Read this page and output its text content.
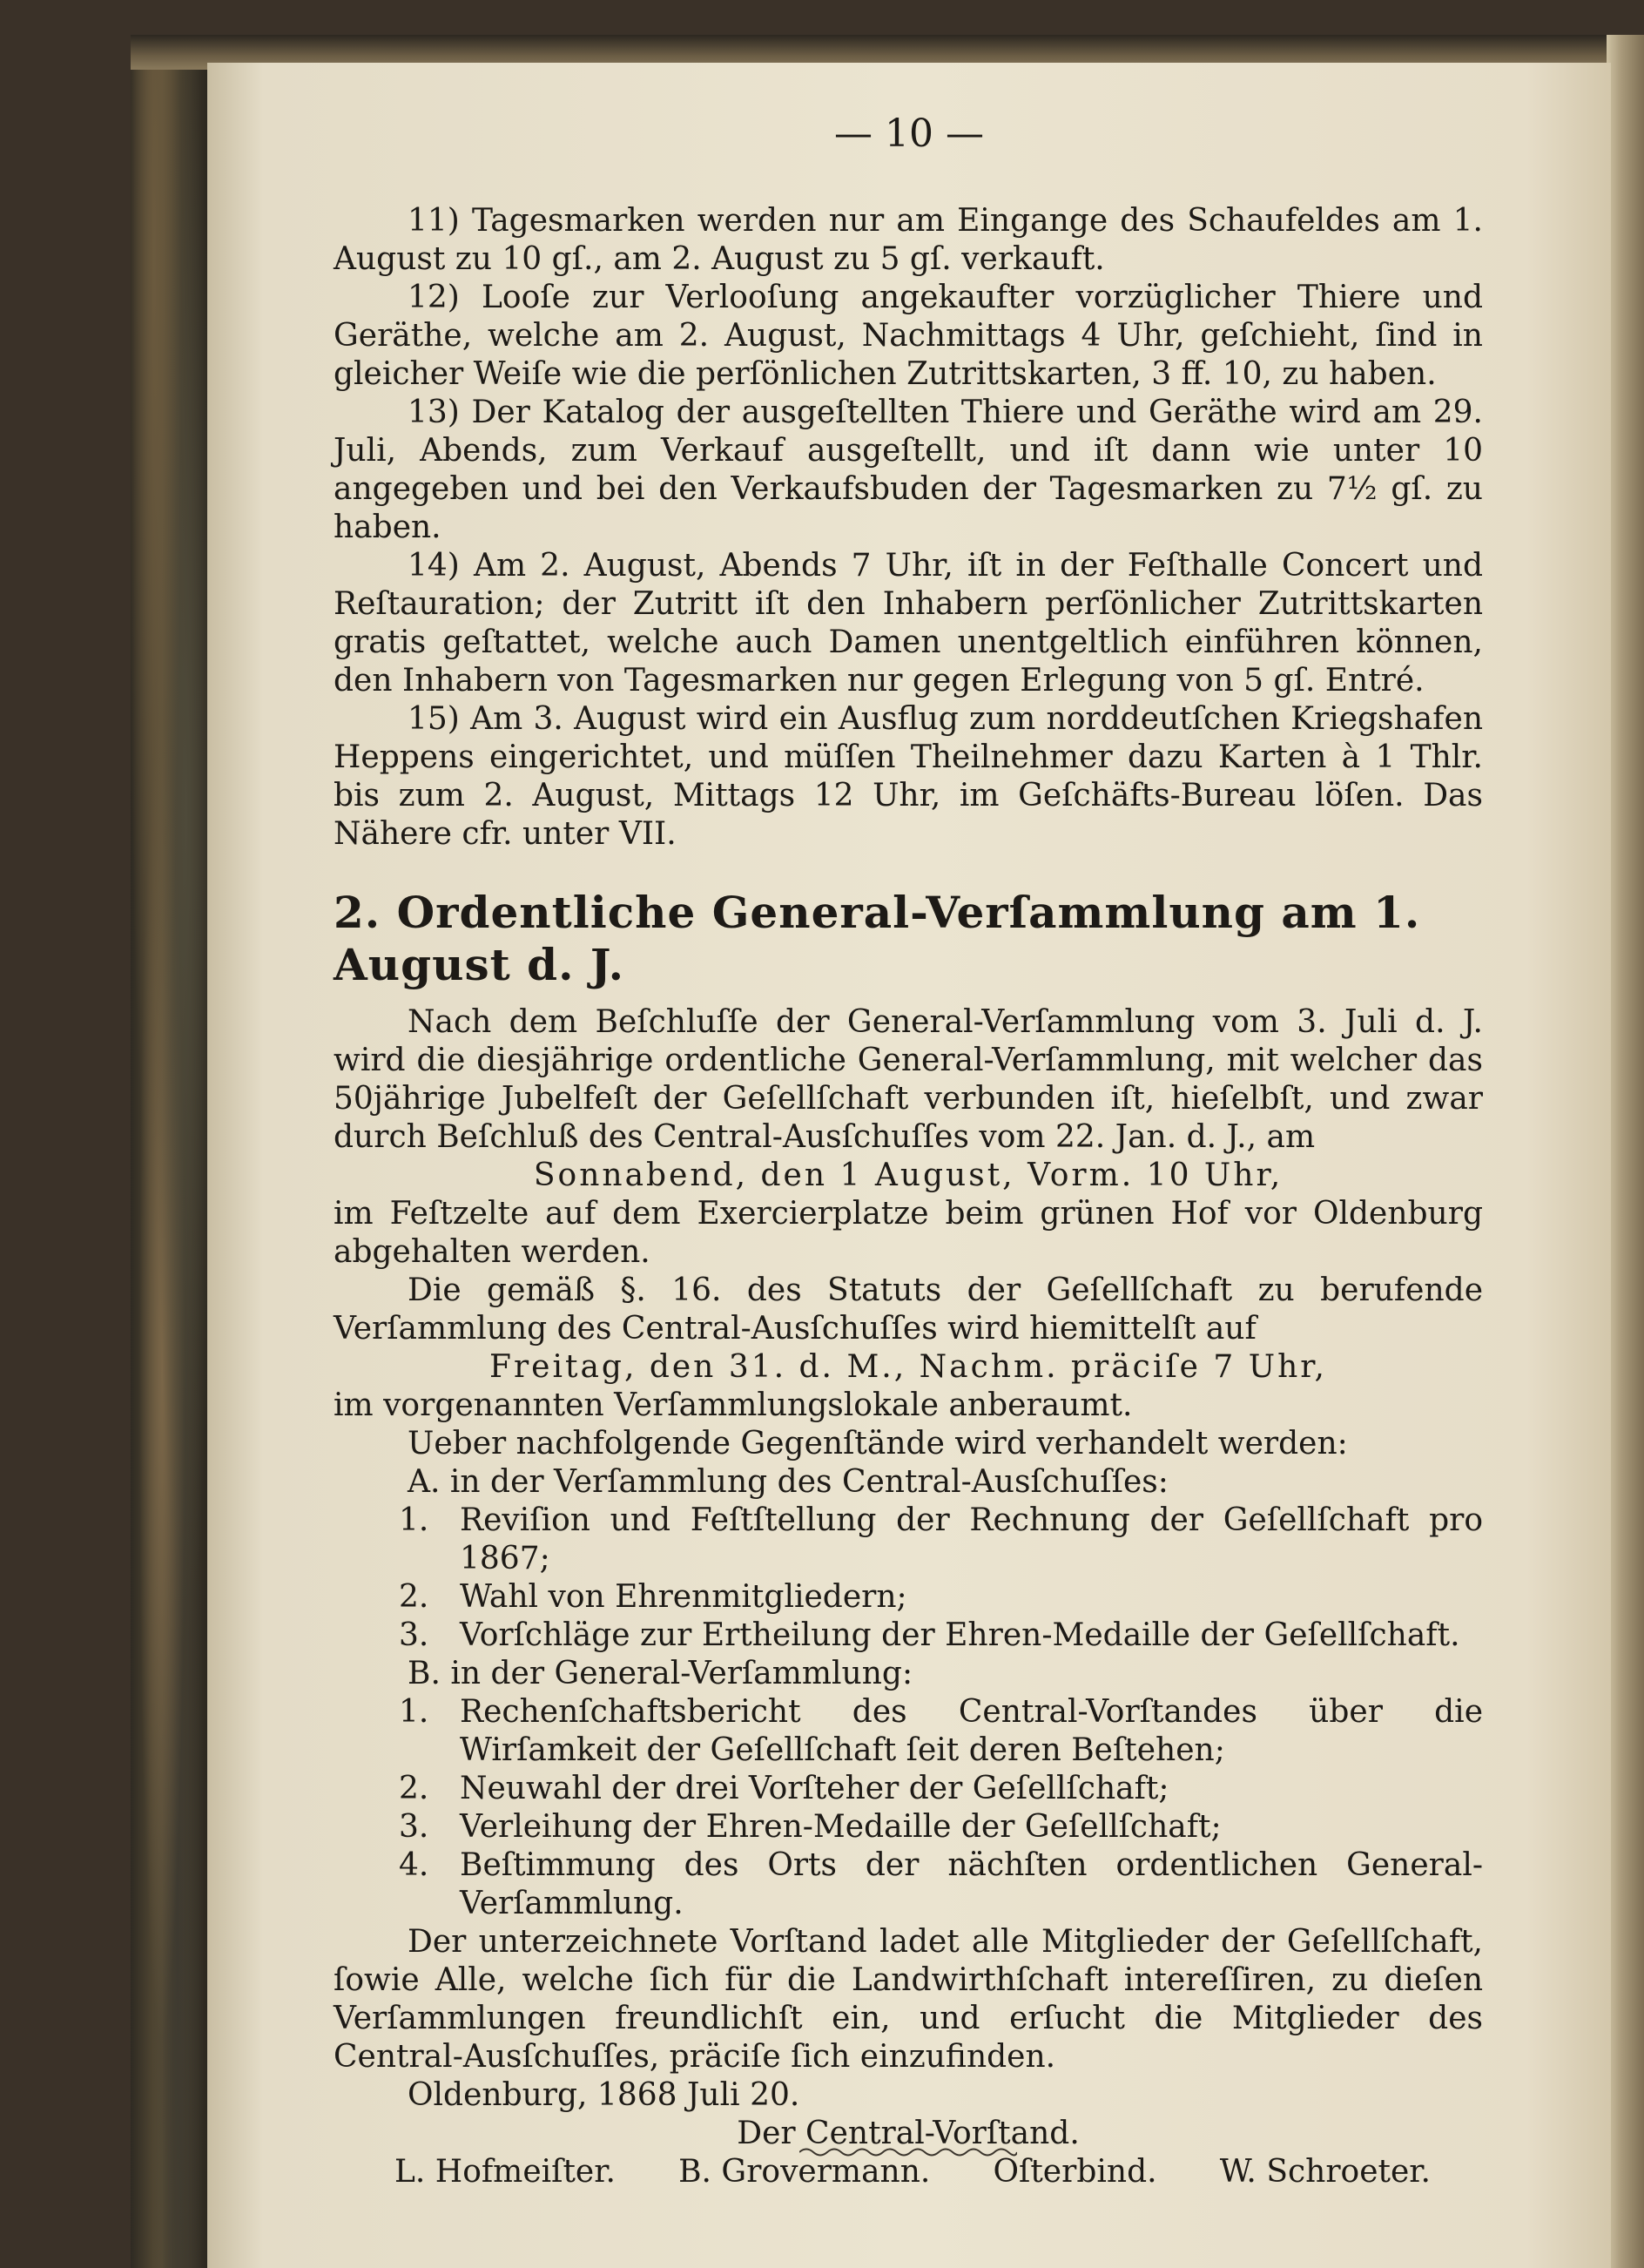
— 10 —

11) Tagesmarken werden nur am Eingange des Schaufeldes am 1. August zu 10 gſ., am 2. August zu 5 gſ. verkauft.

12) Looſe zur Verlooſung angekaufter vorzüglicher Thiere und Geräthe, welche am 2. August, Nachmittags 4 Uhr, geſchieht, ſind in gleicher Weiſe wie die perſönlichen Zutrittskarten, 3 ff. 10, zu haben.

13) Der Katalog der ausgeſtellten Thiere und Geräthe wird am 29. Juli, Abends, zum Verkauf ausgeſtellt, und iſt dann wie unter 10 angegeben und bei den Verkaufsbuden der Tagesmarken zu 7½ gſ. zu haben.

14) Am 2. August, Abends 7 Uhr, iſt in der Feſthalle Concert und Reſtauration; der Zutritt iſt den Inhabern perſönlicher Zutrittskarten gratis geſtattet, welche auch Damen unentgeltlich einführen können, den Inhabern von Tagesmarken nur gegen Erlegung von 5 gſ. Entré.

15) Am 3. August wird ein Ausflug zum norddeutſchen Kriegshafen Heppens eingerichtet, und müſſen Theilnehmer dazu Karten à 1 Thlr. bis zum 2. August, Mittags 12 Uhr, im Geſchäfts-Bureau löſen. Das Nähere cfr. unter VII.

2. Ordentliche General-Verſammlung am 1. August d. J.

Nach dem Beſchluſſe der General-Verſammlung vom 3. Juli d. J. wird die diesjährige ordentliche General-Verſammlung, mit welcher das 50jährige Jubelfeſt der Geſellſchaft verbunden iſt, hieſelbſt, und zwar durch Beſchluß des Central-Ausſchuſſes vom 22. Jan. d. J., am

Sonnabend, den 1 August, Vorm. 10 Uhr,

im Feſtzelte auf dem Exercierplatze beim grünen Hof vor Oldenburg abgehalten werden.

Die gemäß §. 16. des Statuts der Geſellſchaft zu berufende Verſammlung des Central-Ausſchuſſes wird hiemittelſt auf

Freitag, den 31. d. M., Nachm. präciſe 7 Uhr,

im vorgenannten Verſammlungslokale anberaumt.

Ueber nachfolgende Gegenſtände wird verhandelt werden:

A. in der Verſammlung des Central-Ausſchuſſes:
1. Reviſion und Feſtſtellung der Rechnung der Geſellſchaft pro 1867;
2. Wahl von Ehrenmitgliedern;
3. Vorſchläge zur Ertheilung der Ehren-Medaille der Geſellſchaft.
B. in der General-Verſammlung:
1. Rechenſchaftsbericht des Central-Vorſtandes über die Wirſamkeit der Geſellſchaft ſeit deren Beſtehen;
2. Neuwahl der drei Vorſteher der Geſellſchaft;
3. Verleihung der Ehren-Medaille der Geſellſchaft;
4. Beſtimmung des Orts der nächſten ordentlichen General-Verſammlung.

Der unterzeichnete Vorſtand ladet alle Mitglieder der Geſellſchaft, ſowie Alle, welche ſich für die Landwirthſchaft intereſſiren, zu dieſen Verſammlungen freundlichſt ein, und erſucht die Mitglieder des Central-Ausſchuſſes, präciſe ſich einzufinden.

Oldenburg, 1868 Juli 20.

Der Central-Vorſtand.

L. Hofmeiſter. B. Grovermann. Oſterbind. W. Schroeter.
